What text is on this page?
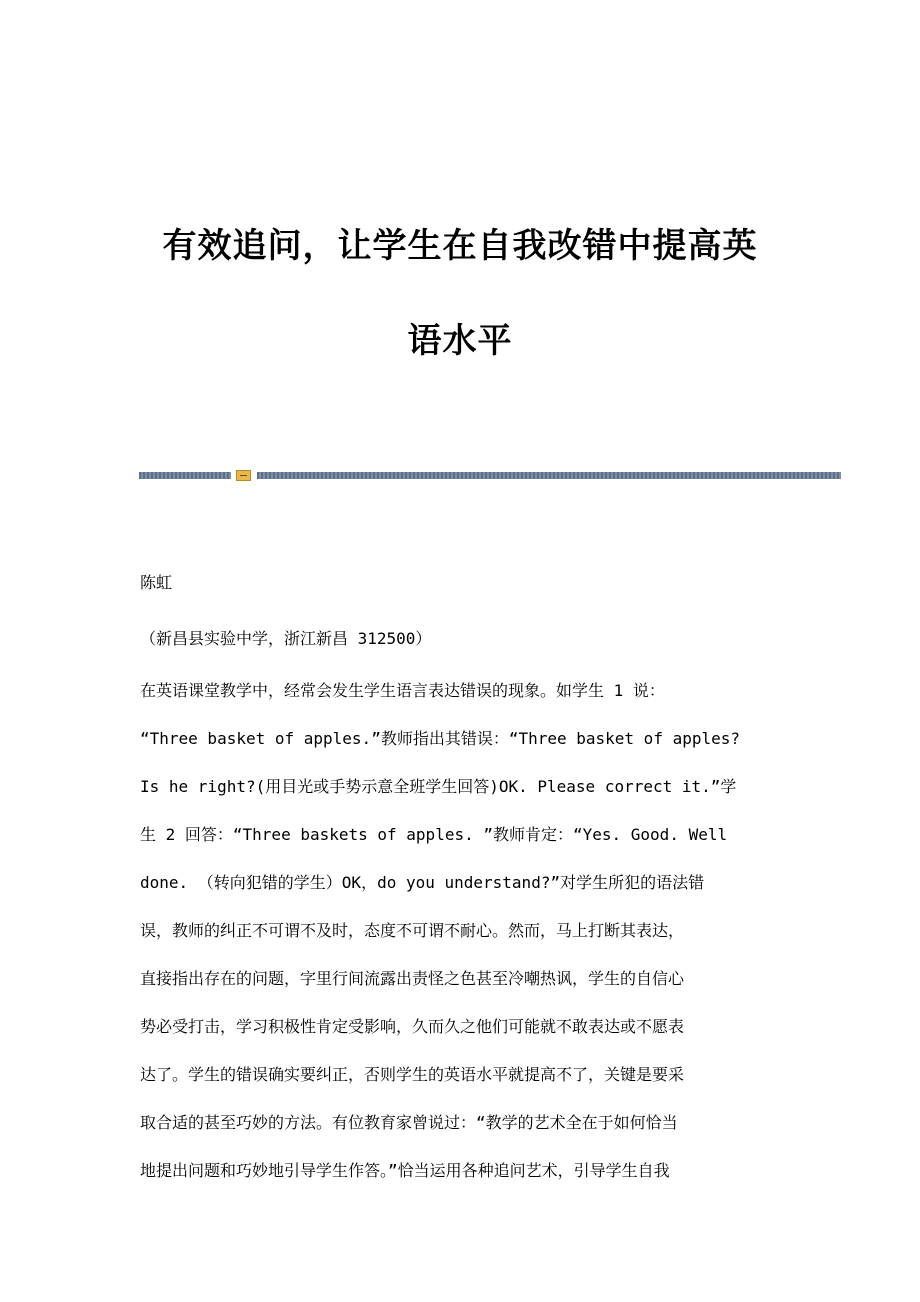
有效追问，让学生在自我改错中提高英
语水平
陈虹
（新昌县实验中学，浙江新昌 312500）
在英语课堂教学中，经常会发生学生语言表达错误的现象。如学生 1 说：
“Three basket of apples.”教师指出其错误：“Three basket of apples?
Is he right?(用目光或手势示意全班学生回答)OK. Please correct it.”学
生 2 回答：“Three baskets of apples. ”教师肯定：“Yes. Good. Well
done. （转向犯错的学生）OK，do you understand?”对学生所犯的语法错
误，教师的纠正不可谓不及时，态度不可谓不耐心。然而，马上打断其表达，
直接指出存在的问题，字里行间流露出责怪之色甚至冷嘲热讽，学生的自信心
势必受打击，学习积极性肯定受影响，久而久之他们可能就不敢表达或不愿表
达了。学生的错误确实要纠正，否则学生的英语水平就提高不了，关键是要采
取合适的甚至巧妙的方法。有位教育家曾说过：“教学的艺术全在于如何恰当
地提出问题和巧妙地引导学生作答。”恰当运用各种追问艺术，引导学生自我
